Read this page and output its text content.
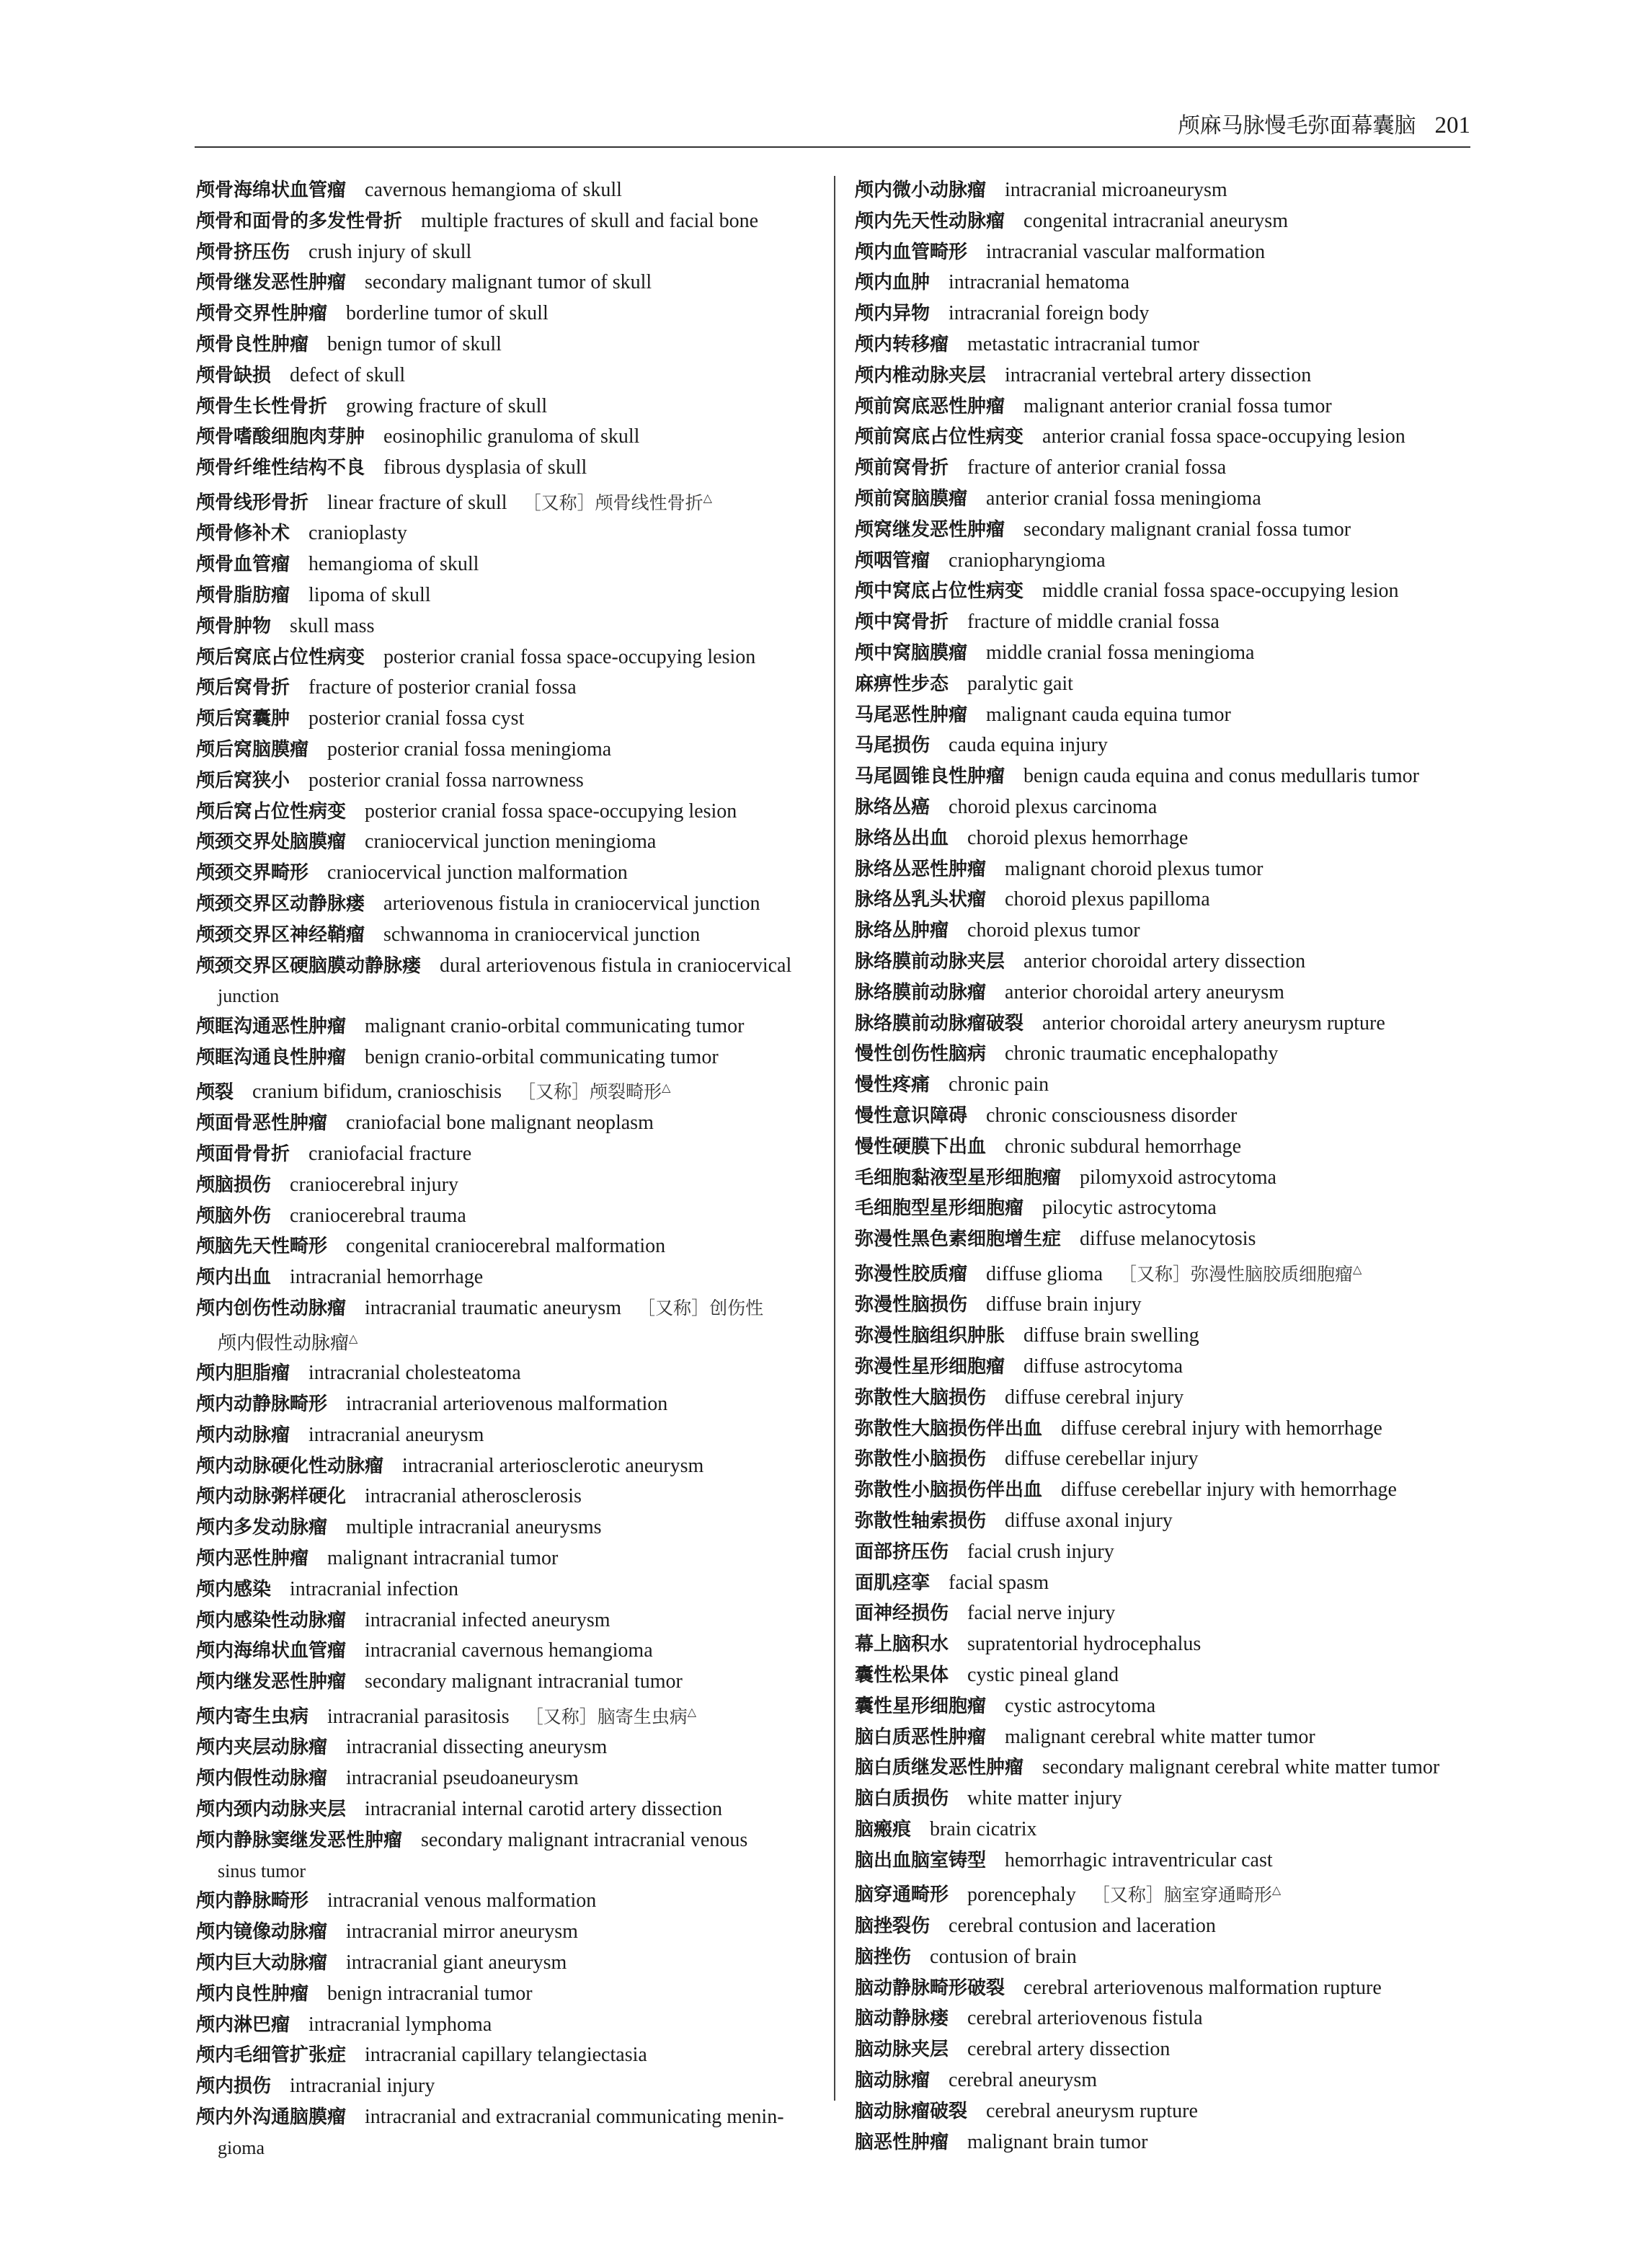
颅麻马脉慢毛弥面幕囊脑 201
颅骨海绵状血管瘤 cavernous hemangioma of skull
颅骨和面骨的多发性骨折 multiple fractures of skull and facial bone
颅骨挤压伤 crush injury of skull
颅骨继发恶性肿瘤 secondary malignant tumor of skull
颅骨交界性肿瘤 borderline tumor of skull
颅骨良性肿瘤 benign tumor of skull
颅骨缺损 defect of skull
颅骨生长性骨折 growing fracture of skull
颅骨嗜酸细胞肉芽肿 eosinophilic granuloma of skull
颅骨纤维性结构不良 fibrous dysplasia of skull
颅骨线形骨折 linear fracture of skull ［又称］颅骨线性骨折△
颅骨修补术 cranioplasty
颅骨血管瘤 hemangioma of skull
颅骨脂肪瘤 lipoma of skull
颅骨肿物 skull mass
颅后窝底占位性病变 posterior cranial fossa space-occupying lesion
颅后窝骨折 fracture of posterior cranial fossa
颅后窝囊肿 posterior cranial fossa cyst
颅后窝脑膜瘤 posterior cranial fossa meningioma
颅后窝狭小 posterior cranial fossa narrowness
颅后窝占位性病变 posterior cranial fossa space-occupying lesion
颅颈交界处脑膜瘤 craniocervical junction meningioma
颅颈交界畸形 craniocervical junction malformation
颅颈交界区动静脉瘘 arteriovenous fistula in craniocervical junction
颅颈交界区神经鞘瘤 schwannoma in craniocervical junction
颅颈交界区硬脑膜动静脉瘘 dural arteriovenous fistula in craniocervical
junction
颅眶沟通恶性肿瘤 malignant cranio-orbital communicating tumor
颅眶沟通良性肿瘤 benign cranio-orbital communicating tumor
颅裂 cranium bifidum, cranioschisis ［又称］颅裂畸形△
颅面骨恶性肿瘤 craniofacial bone malignant neoplasm
颅面骨骨折 craniofacial fracture
颅脑损伤 craniocerebral injury
颅脑外伤 craniocerebral trauma
颅脑先天性畸形 congenital craniocerebral malformation
颅内出血 intracranial hemorrhage
颅内创伤性动脉瘤 intracranial traumatic aneurysm ［又称］创伤性
颅内假性动脉瘤△
颅内胆脂瘤 intracranial cholesteatoma
颅内动静脉畸形 intracranial arteriovenous malformation
颅内动脉瘤 intracranial aneurysm
颅内动脉硬化性动脉瘤 intracranial arteriosclerotic aneurysm
颅内动脉粥样硬化 intracranial atherosclerosis
颅内多发动脉瘤 multiple intracranial aneurysms
颅内恶性肿瘤 malignant intracranial tumor
颅内感染 intracranial infection
颅内感染性动脉瘤 intracranial infected aneurysm
颅内海绵状血管瘤 intracranial cavernous hemangioma
颅内继发恶性肿瘤 secondary malignant intracranial tumor
颅内寄生虫病 intracranial parasitosis ［又称］脑寄生虫病△
颅内夹层动脉瘤 intracranial dissecting aneurysm
颅内假性动脉瘤 intracranial pseudoaneurysm
颅内颈内动脉夹层 intracranial internal carotid artery dissection
颅内静脉窦继发恶性肿瘤 secondary malignant intracranial venous
sinus tumor
颅内静脉畸形 intracranial venous malformation
颅内镜像动脉瘤 intracranial mirror aneurysm
颅内巨大动脉瘤 intracranial giant aneurysm
颅内良性肿瘤 benign intracranial tumor
颅内淋巴瘤 intracranial lymphoma
颅内毛细管扩张症 intracranial capillary telangiectasia
颅内损伤 intracranial injury
颅内外沟通脑膜瘤 intracranial and extracranial communicating menin-
gioma
颅内微小动脉瘤 intracranial microaneurysm
颅内先天性动脉瘤 congenital intracranial aneurysm
颅内血管畸形 intracranial vascular malformation
颅内血肿 intracranial hematoma
颅内异物 intracranial foreign body
颅内转移瘤 metastatic intracranial tumor
颅内椎动脉夹层 intracranial vertebral artery dissection
颅前窝底恶性肿瘤 malignant anterior cranial fossa tumor
颅前窝底占位性病变 anterior cranial fossa space-occupying lesion
颅前窝骨折 fracture of anterior cranial fossa
颅前窝脑膜瘤 anterior cranial fossa meningioma
颅窝继发恶性肿瘤 secondary malignant cranial fossa tumor
颅咽管瘤 craniopharyngioma
颅中窝底占位性病变 middle cranial fossa space-occupying lesion
颅中窝骨折 fracture of middle cranial fossa
颅中窝脑膜瘤 middle cranial fossa meningioma
麻痹性步态 paralytic gait
马尾恶性肿瘤 malignant cauda equina tumor
马尾损伤 cauda equina injury
马尾圆锥良性肿瘤 benign cauda equina and conus medullaris tumor
脉络丛癌 choroid plexus carcinoma
脉络丛出血 choroid plexus hemorrhage
脉络丛恶性肿瘤 malignant choroid plexus tumor
脉络丛乳头状瘤 choroid plexus papilloma
脉络丛肿瘤 choroid plexus tumor
脉络膜前动脉夹层 anterior choroidal artery dissection
脉络膜前动脉瘤 anterior choroidal artery aneurysm
脉络膜前动脉瘤破裂 anterior choroidal artery aneurysm rupture
慢性创伤性脑病 chronic traumatic encephalopathy
慢性疼痛 chronic pain
慢性意识障碍 chronic consciousness disorder
慢性硬膜下出血 chronic subdural hemorrhage
毛细胞黏液型星形细胞瘤 pilomyxoid astrocytoma
毛细胞型星形细胞瘤 pilocytic astrocytoma
弥漫性黑色素细胞增生症 diffuse melanocytosis
弥漫性胶质瘤 diffuse glioma ［又称］弥漫性脑胶质细胞瘤△
弥漫性脑损伤 diffuse brain injury
弥漫性脑组织肿胀 diffuse brain swelling
弥漫性星形细胞瘤 diffuse astrocytoma
弥散性大脑损伤 diffuse cerebral injury
弥散性大脑损伤伴出血 diffuse cerebral injury with hemorrhage
弥散性小脑损伤 diffuse cerebellar injury
弥散性小脑损伤伴出血 diffuse cerebellar injury with hemorrhage
弥散性轴索损伤 diffuse axonal injury
面部挤压伤 facial crush injury
面肌痉挛 facial spasm
面神经损伤 facial nerve injury
幕上脑积水 supratentorial hydrocephalus
囊性松果体 cystic pineal gland
囊性星形细胞瘤 cystic astrocytoma
脑白质恶性肿瘤 malignant cerebral white matter tumor
脑白质继发恶性肿瘤 secondary malignant cerebral white matter tumor
脑白质损伤 white matter injury
脑瘢痕 brain cicatrix
脑出血脑室铸型 hemorrhagic intraventricular cast
脑穿通畸形 porencephaly ［又称］脑室穿通畸形△
脑挫裂伤 cerebral contusion and laceration
脑挫伤 contusion of brain
脑动静脉畸形破裂 cerebral arteriovenous malformation rupture
脑动静脉瘘 cerebral arteriovenous fistula
脑动脉夹层 cerebral artery dissection
脑动脉瘤 cerebral aneurysm
脑动脉瘤破裂 cerebral aneurysm rupture
脑恶性肿瘤 malignant brain tumor
